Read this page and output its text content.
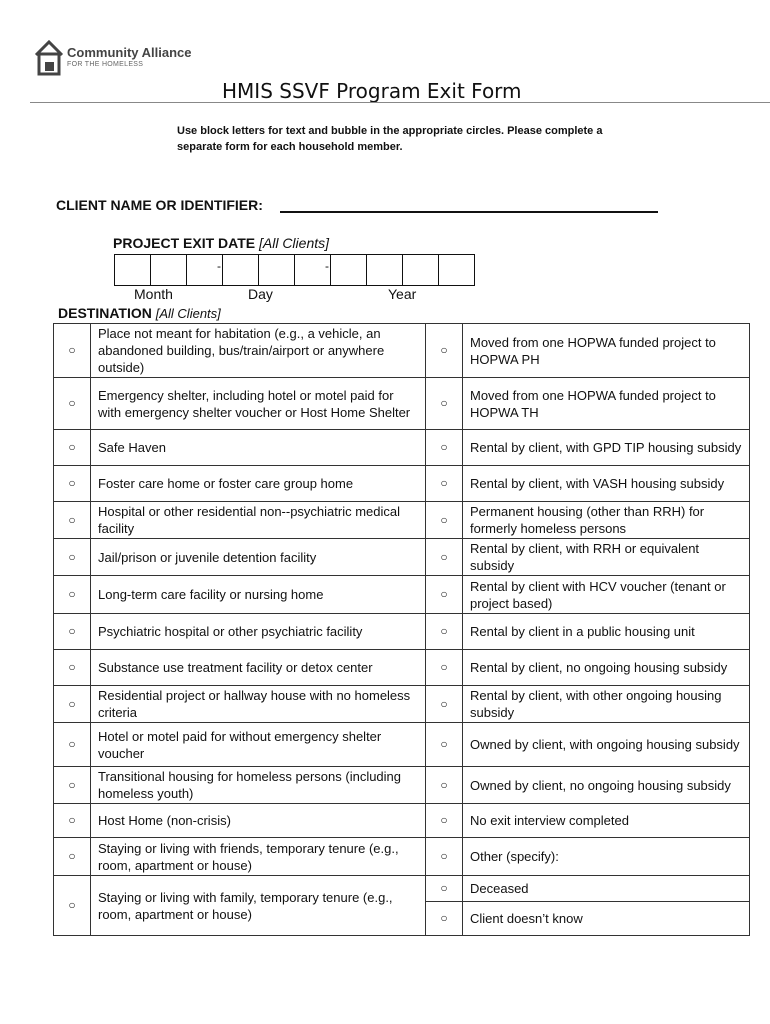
Community Alliance
FOR THE HOMELESS
HMIS SSVF Program Exit Form
Use block letters for text and bubble in the appropriate circles. Please complete a separate form for each household member.
CLIENT NAME OR IDENTIFIER:
PROJECT EXIT DATE [All Clients]
-	-
Month	Day	Year
DESTINATION [All Clients]
○	Place not meant for habitation (e.g., a vehicle, an abandoned building, bus/train/airport or anywhere outside)	○	Moved from one HOPWA funded project to HOPWA PH
○	Emergency shelter, including hotel or motel paid for with emergency shelter voucher or Host Home Shelter	○	Moved from one HOPWA funded project to HOPWA TH
○	Safe Haven	○	Rental by client, with GPD TIP housing subsidy
○	Foster care home or foster care group home	○	Rental by client, with VASH housing subsidy
○	Hospital or other residential non--psychiatric medical facility	○	Permanent housing (other than RRH) for formerly homeless persons
○	Jail/prison or juvenile detention facility	○	Rental by client, with RRH or equivalent subsidy
○	Long-term care facility or nursing home	○	Rental by client with HCV voucher (tenant or project based)
○	Psychiatric hospital or other psychiatric facility	○	Rental by client in a public housing unit
○	Substance use treatment facility or detox center	○	Rental by client, no ongoing housing subsidy
○	Residential project or hallway house with no homeless criteria	○	Rental by client, with other ongoing housing subsidy
○	Hotel or motel paid for without emergency shelter voucher	○	Owned by client, with ongoing housing subsidy
○	Transitional housing for homeless persons (including homeless youth)	○	Owned by client, no ongoing housing subsidy
○	Host Home (non-crisis)	○	No exit interview completed
○	Staying or living with friends, temporary tenure (e.g., room, apartment or house)	○	Other (specify):
○	Staying or living with family, temporary tenure (e.g., room, apartment or house)	○	Deceased
		○	Client doesn’t know
